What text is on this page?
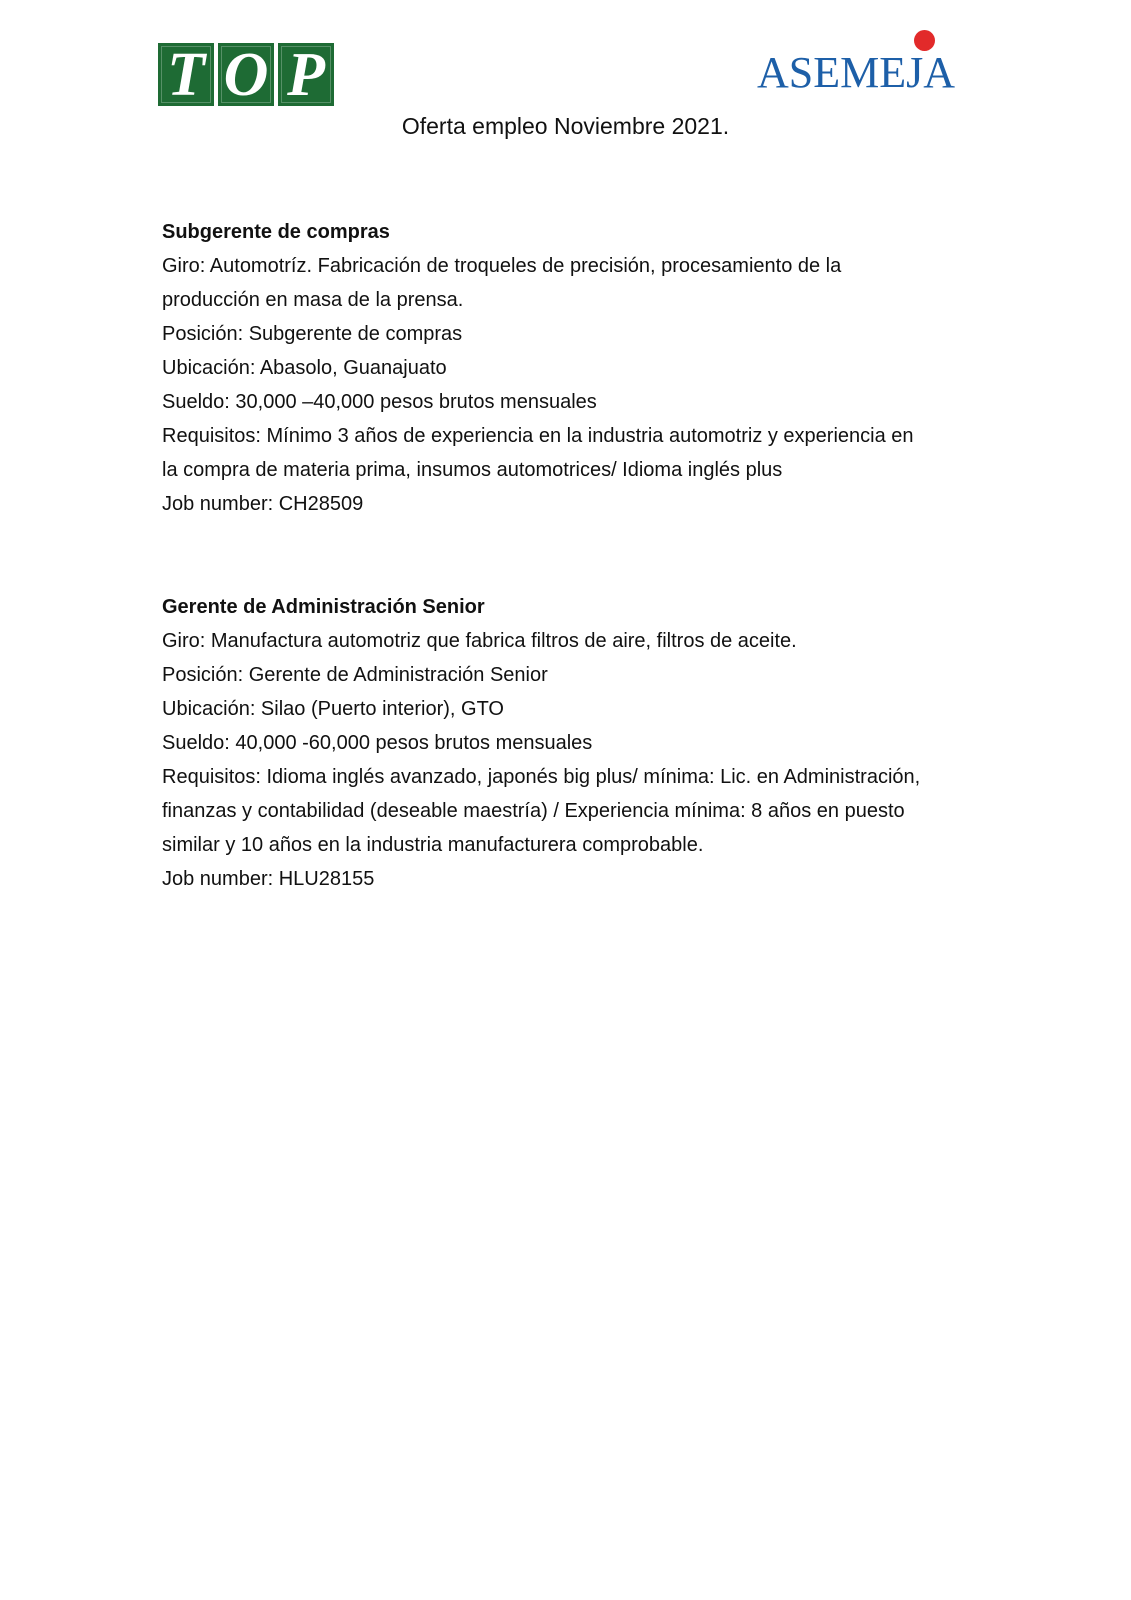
T O P	ASEMEJA
Oferta empleo Noviembre 2021.

Subgerente de compras

Giro: Automotríz. Fabricación de troqueles de precisión, procesamiento de la

producción en masa de la prensa.

Posición: Subgerente de compras

Ubicación: Abasolo, Guanajuato

Sueldo: 30,000 –40,000 pesos brutos mensuales

Requisitos: Mínimo 3 años de experiencia en la industria automotriz y experiencia en

la compra de materia prima, insumos automotrices/ Idioma inglés plus

Job number: CH28509

Gerente de Administración Senior

Giro: Manufactura automotriz que fabrica filtros de aire, filtros de aceite.

Posición: Gerente de Administración Senior

Ubicación: Silao (Puerto interior), GTO

Sueldo: 40,000 -60,000 pesos brutos mensuales

Requisitos: Idioma inglés avanzado, japonés big plus/ mínima: Lic. en Administración,

finanzas y contabilidad (deseable maestría) / Experiencia mínima: 8 años en puesto

similar y 10 años en la industria manufacturera comprobable.

Job number: HLU28155
